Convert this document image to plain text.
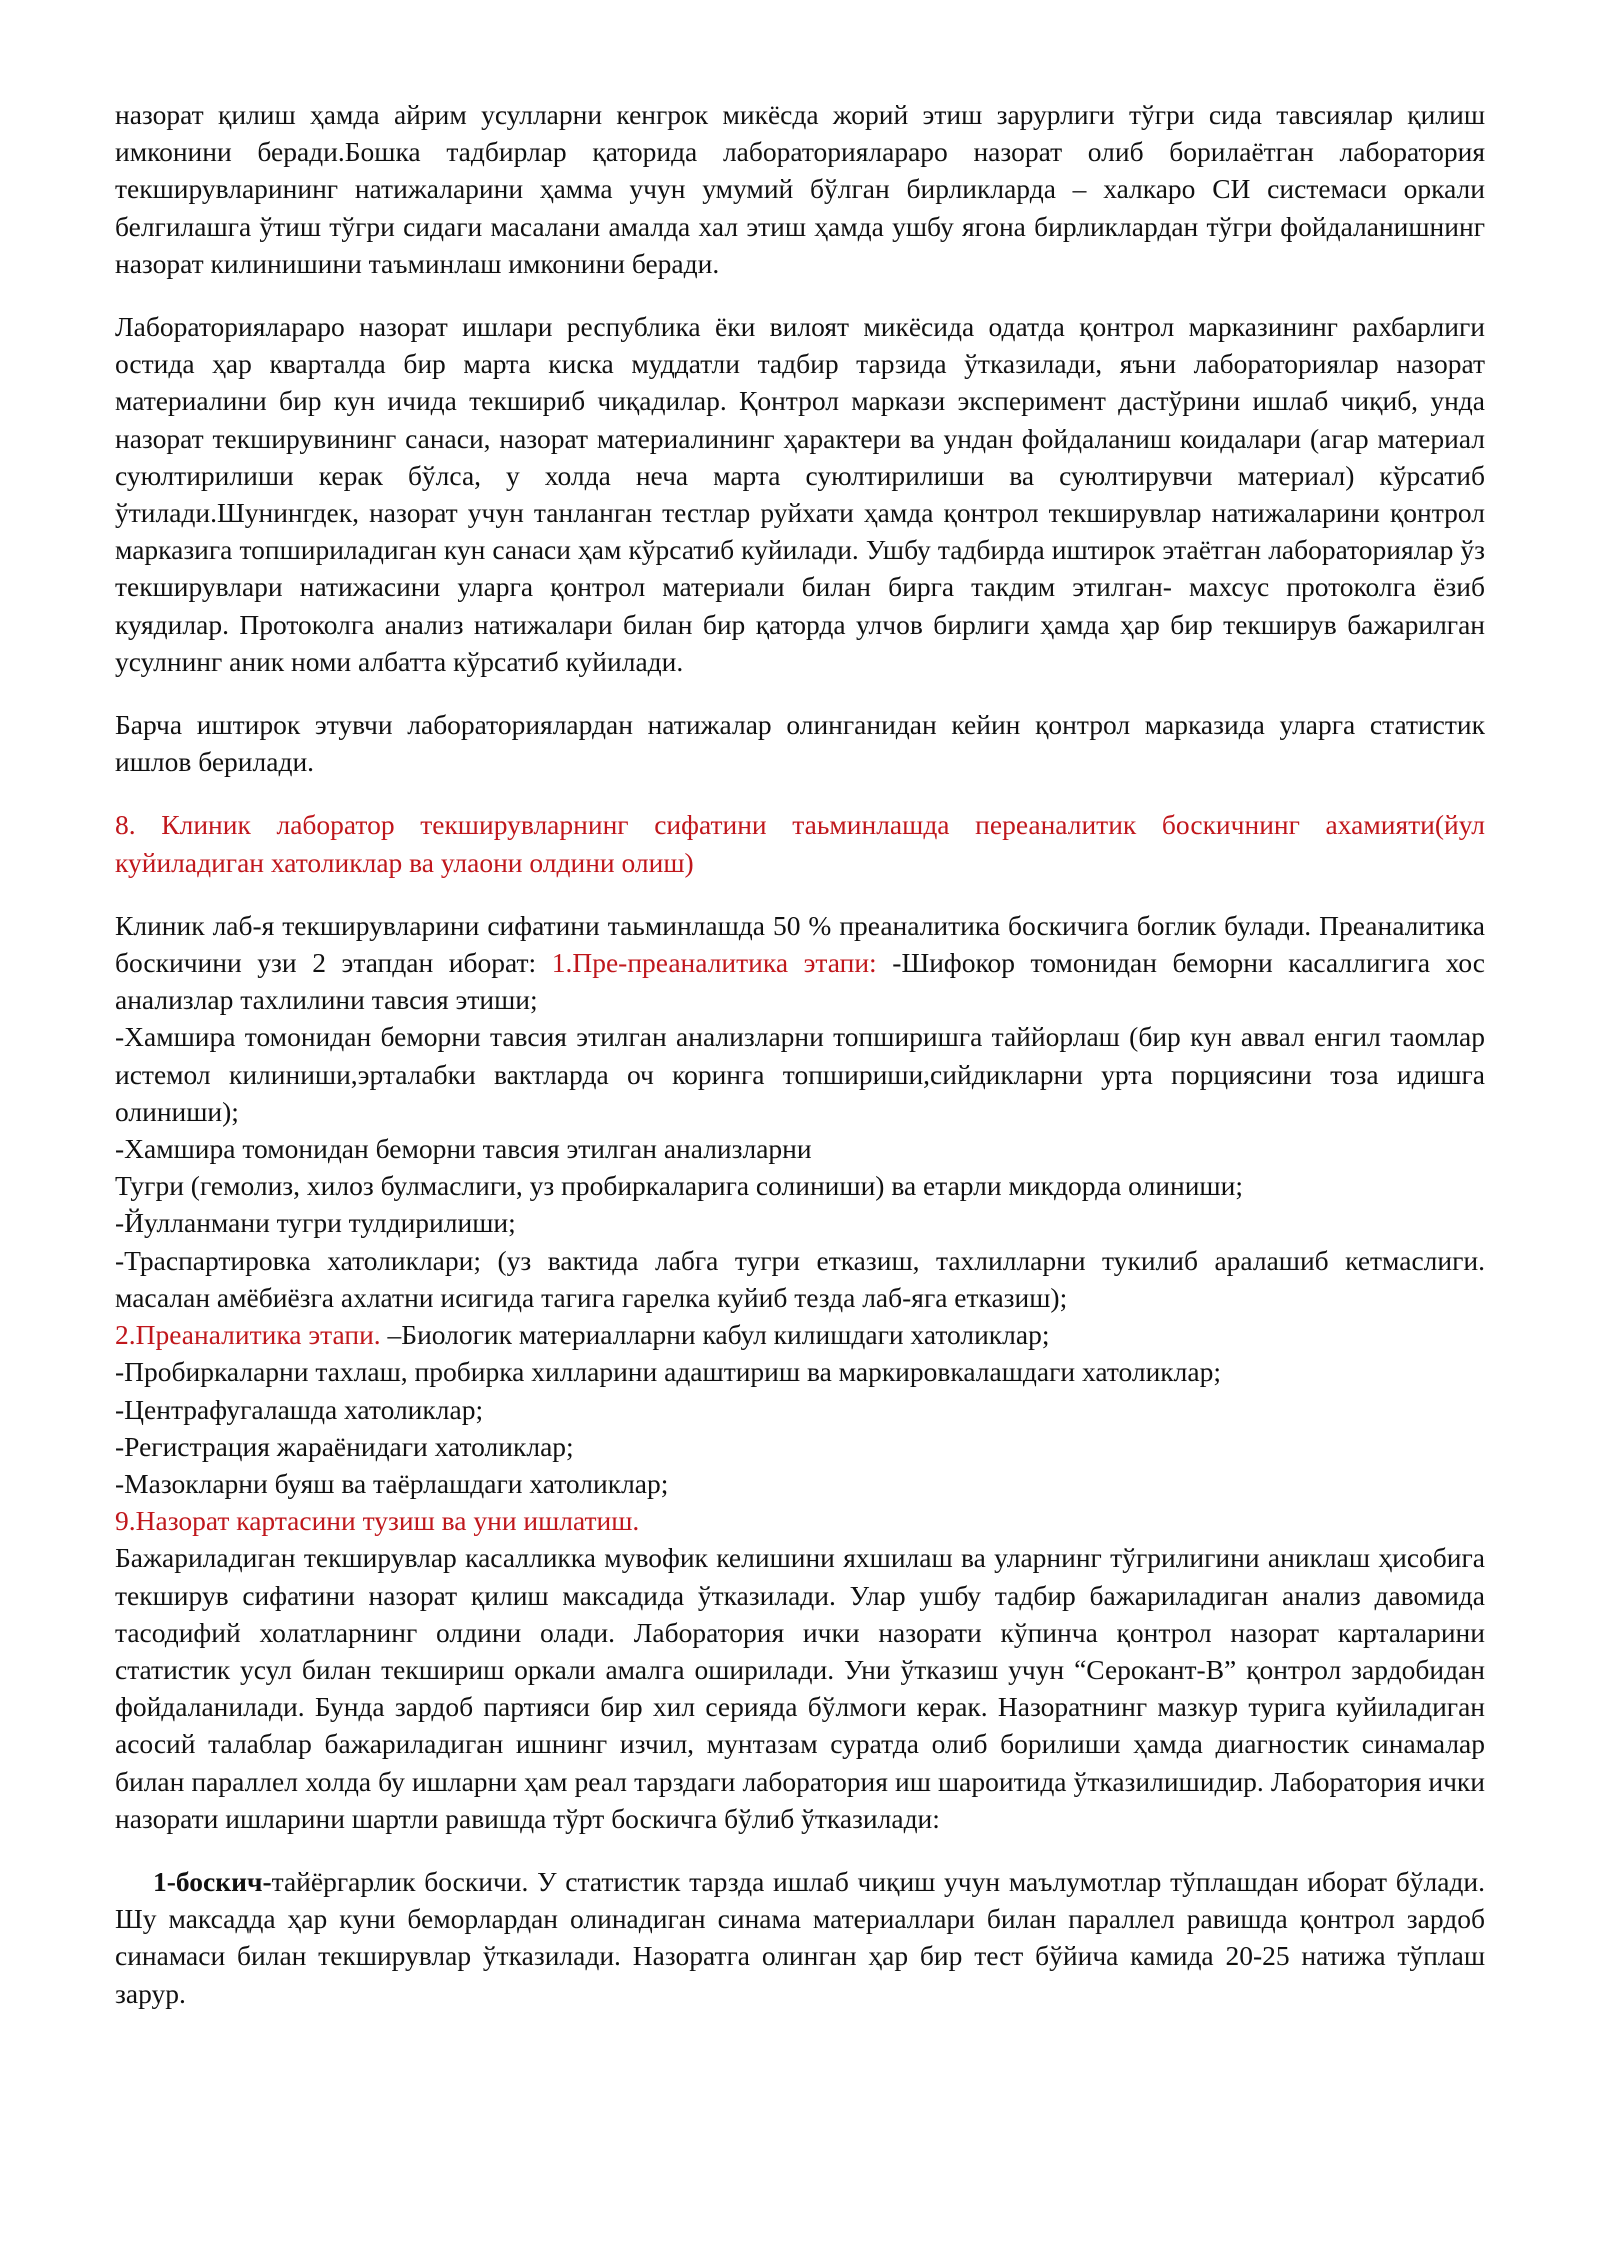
назорат қилиш ҳамда айрим усулларни кенгрок микёсда жорий этиш зарурлиги тўгри сида тавсиялар қилиш имконини беради.Бошка тадбирлар қаторида лабораторияларaро назорат олиб борилаётган лаборатория текширувларининг натижаларини ҳамма учун умумий бўлган бирликларда – халкаро СИ системаси оркали белгилашга ўтиш тўгри сидаги масалани амалда хал этиш ҳамда ушбу ягона бирликлардан тўгри фойдаланишнинг назорат килинишини таъминлаш имконини беради.

Лабораториялараро назорат ишлари республика ёки вилоят микёсида одатда қонтрол марказининг рахбарлиги остида ҳар кварталда бир марта киска муддатли тадбир тарзида ўтказилади, яъни лабораториялар назорат материалини бир кун ичида текшириб чиқадилар. Қонтрол маркази эксперимент дастўрини ишлаб чиқиб, унда назорат текширувининг санаси, назорат материалининг ҳарактери ва ундан фойдаланиш коидалари (агар материал суюлтирилиши керак бўлса, у холда неча марта суюлтирилиши ва суюлтирувчи материал) кўрсатиб ўтилади.Шунингдек, назорат учун танланган тестлар руйхати ҳамда қонтрол текширувлар натижаларини қонтрол марказига топшириладиган кун санаси ҳам кўрсатиб куйилади. Ушбу тадбирда иштирок этаётган лабораториялар ўз текширувлари натижасини уларга қонтрол материали билан бирга такдим этилган- махсус протоколга ёзиб куядилар. Протоколга анализ натижалари билан бир қаторда улчов бирлиги ҳамда ҳар бир текширув бажарилган усулнинг аник номи албатта кўрсатиб куйилади.

Барча иштирок этувчи лабораториялардан натижалар олинганидан кейин қонтрол марказида уларга статистик ишлов берилади.

8. Клиник лаборатор текширувларнинг сифатини таьминлашда переаналитик боскичнинг ахамияти(йул куйиладиган хатоликлар ва улаони олдини олиш)

Клиник лаб-я текширувларини сифатини таьминлашда 50 % преаналитика боскичига боглик булади. Преаналитика боскичини узи 2 этапдан иборат: 1.Пре-преаналитика этапи: -Шифокор томонидан беморни касаллигига хос анализлар тахлилини тавсия этиши;

-Хамшира томонидан беморни тавсия этилган анализларни топширишга таййорлаш (бир кун аввал енгил таомлар истемол килиниши,эрталабки вактларда оч коринга топшириши,сийдикларни урта порциясини тоза идишга олиниши);

-Хамшира томонидан беморни тавсия этилган анализларни

Тугри (гемолиз, хилоз булмаслиги, уз пробиркаларига солиниши) ва етарли микдорда олиниши;

-Йулланмани тугри тулдирилиши;

-Траспартировка хатоликлари; (уз вактида лабга тугри етказиш, тахлилларни тукилиб аралашиб кетмаслиги. масалан амёбиёзга ахлатни исигида тагига гарелка куйиб тезда лаб-яга етказиш);

2.Преаналитика этапи. –Биологик материалларни кабул килишдаги хатоликлар;

-Пробиркаларни тахлаш, пробирка хилларини адаштириш ва маркировкалашдаги хатоликлар;

-Центрафугалашда хатоликлар;

-Регистрация жараёнидаги хатоликлар;

-Мазокларни буяш ва таёрлашдаги хатоликлар;

9.Назорат картасини тузиш ва уни ишлатиш.

Бажариладиган текширувлар касалликка мувофик келишини яхшилаш ва уларнинг тўгрилигини аниклаш ҳисобига текширув сифатини назорат қилиш максадида ўтказилади. Улар ушбу тадбир бажариладиган анализ давомида тасодифий холатларнинг олдини олади. Лаборатория ички назорати кўпинча қонтрол назорат карталарини статистик усул билан текшириш оркали амалга оширилади. Уни ўтказиш учун “Серокант-В” қонтрол зардобидан фойдаланилади. Бунда зардоб партияси бир хил серияда бўлмоги керак. Назоратнинг мазкур турига куйиладиган асосий талаблар бажариладиган ишнинг изчил, мунтазам суратда олиб борилиши ҳамда диагностик синамалар билан параллел холда бу ишларни ҳам реал тарздаги лаборатория иш шароитида ўтказилишидир. Лаборатория ички назорати ишларини шартли равишда тўрт боскичга бўлиб ўтказилади:

1-боскич-тайёргарлик боскичи. У статистик тарзда ишлаб чиқиш учун маълумотлар тўплашдан иборат бўлади. Шу максадда ҳар куни беморлардан олинадиган синама материаллари билан параллел равишда қонтрол зардоб синамаси билан текширувлар ўтказилади. Назоратга олинган ҳар бир тест бўйича камида 20-25 натижа тўплаш зарур.
